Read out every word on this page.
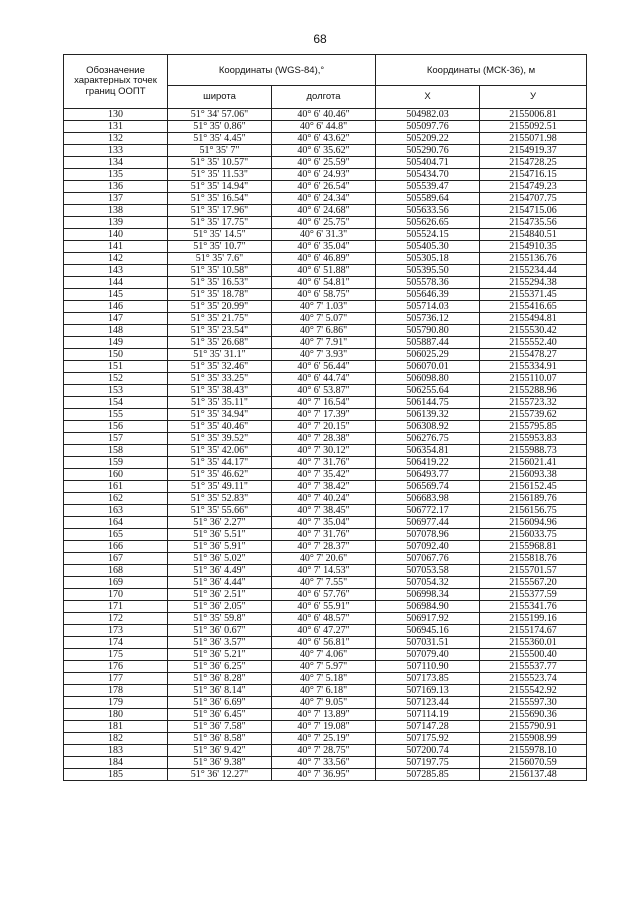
68
Обозначение характерных точек границ ООПТ	Координаты (WGS-84),°		Координаты (МСК-36), м	
	широта	долгота	X	У
130	51° 34' 57.06"	40° 6' 40.46"	504982.03	2155006.81
131	51° 35' 0.86"	40° 6' 44.8"	505097.76	2155092.51
132	51° 35' 4.45"	40° 6' 43.62"	505209.22	2155071.98
133	51° 35' 7"	40° 6' 35.62"	505290.76	2154919.37
134	51° 35' 10.57"	40° 6' 25.59"	505404.71	2154728.25
135	51° 35' 11.53"	40° 6' 24.93"	505434.70	2154716.15
136	51° 35' 14.94"	40° 6' 26.54"	505539.47	2154749.23
137	51° 35' 16.54"	40° 6' 24.34"	505589.64	2154707.75
138	51° 35' 17.96"	40° 6' 24.68"	505633.56	2154715.06
139	51° 35' 17.75"	40° 6' 25.75"	505626.65	2154735.56
140	51° 35' 14.5"	40° 6' 31.3"	505524.15	2154840.51
141	51° 35' 10.7"	40° 6' 35.04"	505405.30	2154910.35
142	51° 35' 7.6"	40° 6' 46.89"	505305.18	2155136.76
143	51° 35' 10.58"	40° 6' 51.88"	505395.50	2155234.44
144	51° 35' 16.53"	40° 6' 54.81"	505578.36	2155294.38
145	51° 35' 18.78"	40° 6' 58.75"	505646.39	2155371.45
146	51° 35' 20.99"	40° 7' 1.03"	505714.03	2155416.65
147	51° 35' 21.75"	40° 7' 5.07"	505736.12	2155494.81
148	51° 35' 23.54"	40° 7' 6.86"	505790.80	2155530.42
149	51° 35' 26.68"	40° 7' 7.91"	505887.44	2155552.40
150	51° 35' 31.1"	40° 7' 3.93"	506025.29	2155478.27
151	51° 35' 32.46"	40° 6' 56.44"	506070.01	2155334.91
152	51° 35' 33.25"	40° 6' 44.74"	506098.80	2155110.07
153	51° 35' 38.43"	40° 6' 53.87"	506255.64	2155288.96
154	51° 35' 35.11"	40° 7' 16.54"	506144.75	2155723.32
155	51° 35' 34.94"	40° 7' 17.39"	506139.32	2155739.62
156	51° 35' 40.46"	40° 7' 20.15"	506308.92	2155795.85
157	51° 35' 39.52"	40° 7' 28.38"	506276.75	2155953.83
158	51° 35' 42.06"	40° 7' 30.12"	506354.81	2155988.73
159	51° 35' 44.17"	40° 7' 31.76"	506419.22	2156021.41
160	51° 35' 46.62"	40° 7' 35.42"	506493.77	2156093.38
161	51° 35' 49.11"	40° 7' 38.42"	506569.74	2156152.45
162	51° 35' 52.83"	40° 7' 40.24"	506683.98	2156189.76
163	51° 35' 55.66"	40° 7' 38.45"	506772.17	2156156.75
164	51° 36' 2.27"	40° 7' 35.04"	506977.44	2156094.96
165	51° 36' 5.51"	40° 7' 31.76"	507078.96	2156033.75
166	51° 36' 5.91"	40° 7' 28.37"	507092.40	2155968.81
167	51° 36' 5.02"	40° 7' 20.6"	507067.76	2155818.76
168	51° 36' 4.49"	40° 7' 14.53"	507053.58	2155701.57
169	51° 36' 4.44"	40° 7' 7.55"	507054.32	2155567.20
170	51° 36' 2.51"	40° 6' 57.76"	506998.34	2155377.59
171	51° 36' 2.05"	40° 6' 55.91"	506984.90	2155341.76
172	51° 35' 59.8"	40° 6' 48.57"	506917.92	2155199.16
173	51° 36' 0.67"	40° 6' 47.27"	506945.16	2155174.67
174	51° 36' 3.57"	40° 6' 56.81"	507031.51	2155360.01
175	51° 36' 5.21"	40° 7' 4.06"	507079.40	2155500.40
176	51° 36' 6.25"	40° 7' 5.97"	507110.90	2155537.77
177	51° 36' 8.28"	40° 7' 5.18"	507173.85	2155523.74
178	51° 36' 8.14"	40° 7' 6.18"	507169.13	2155542.92
179	51° 36' 6.69"	40° 7' 9.05"	507123.44	2155597.30
180	51° 36' 6.45"	40° 7' 13.89"	507114.19	2155690.36
181	51° 36' 7.58"	40° 7' 19.08"	507147.28	2155790.91
182	51° 36' 8.58"	40° 7' 25.19"	507175.92	2155908.99
183	51° 36' 9.42"	40° 7' 28.75"	507200.74	2155978.10
184	51° 36' 9.38"	40° 7' 33.56"	507197.75	2156070.59
185	51° 36' 12.27"	40° 7' 36.95"	507285.85	2156137.48
